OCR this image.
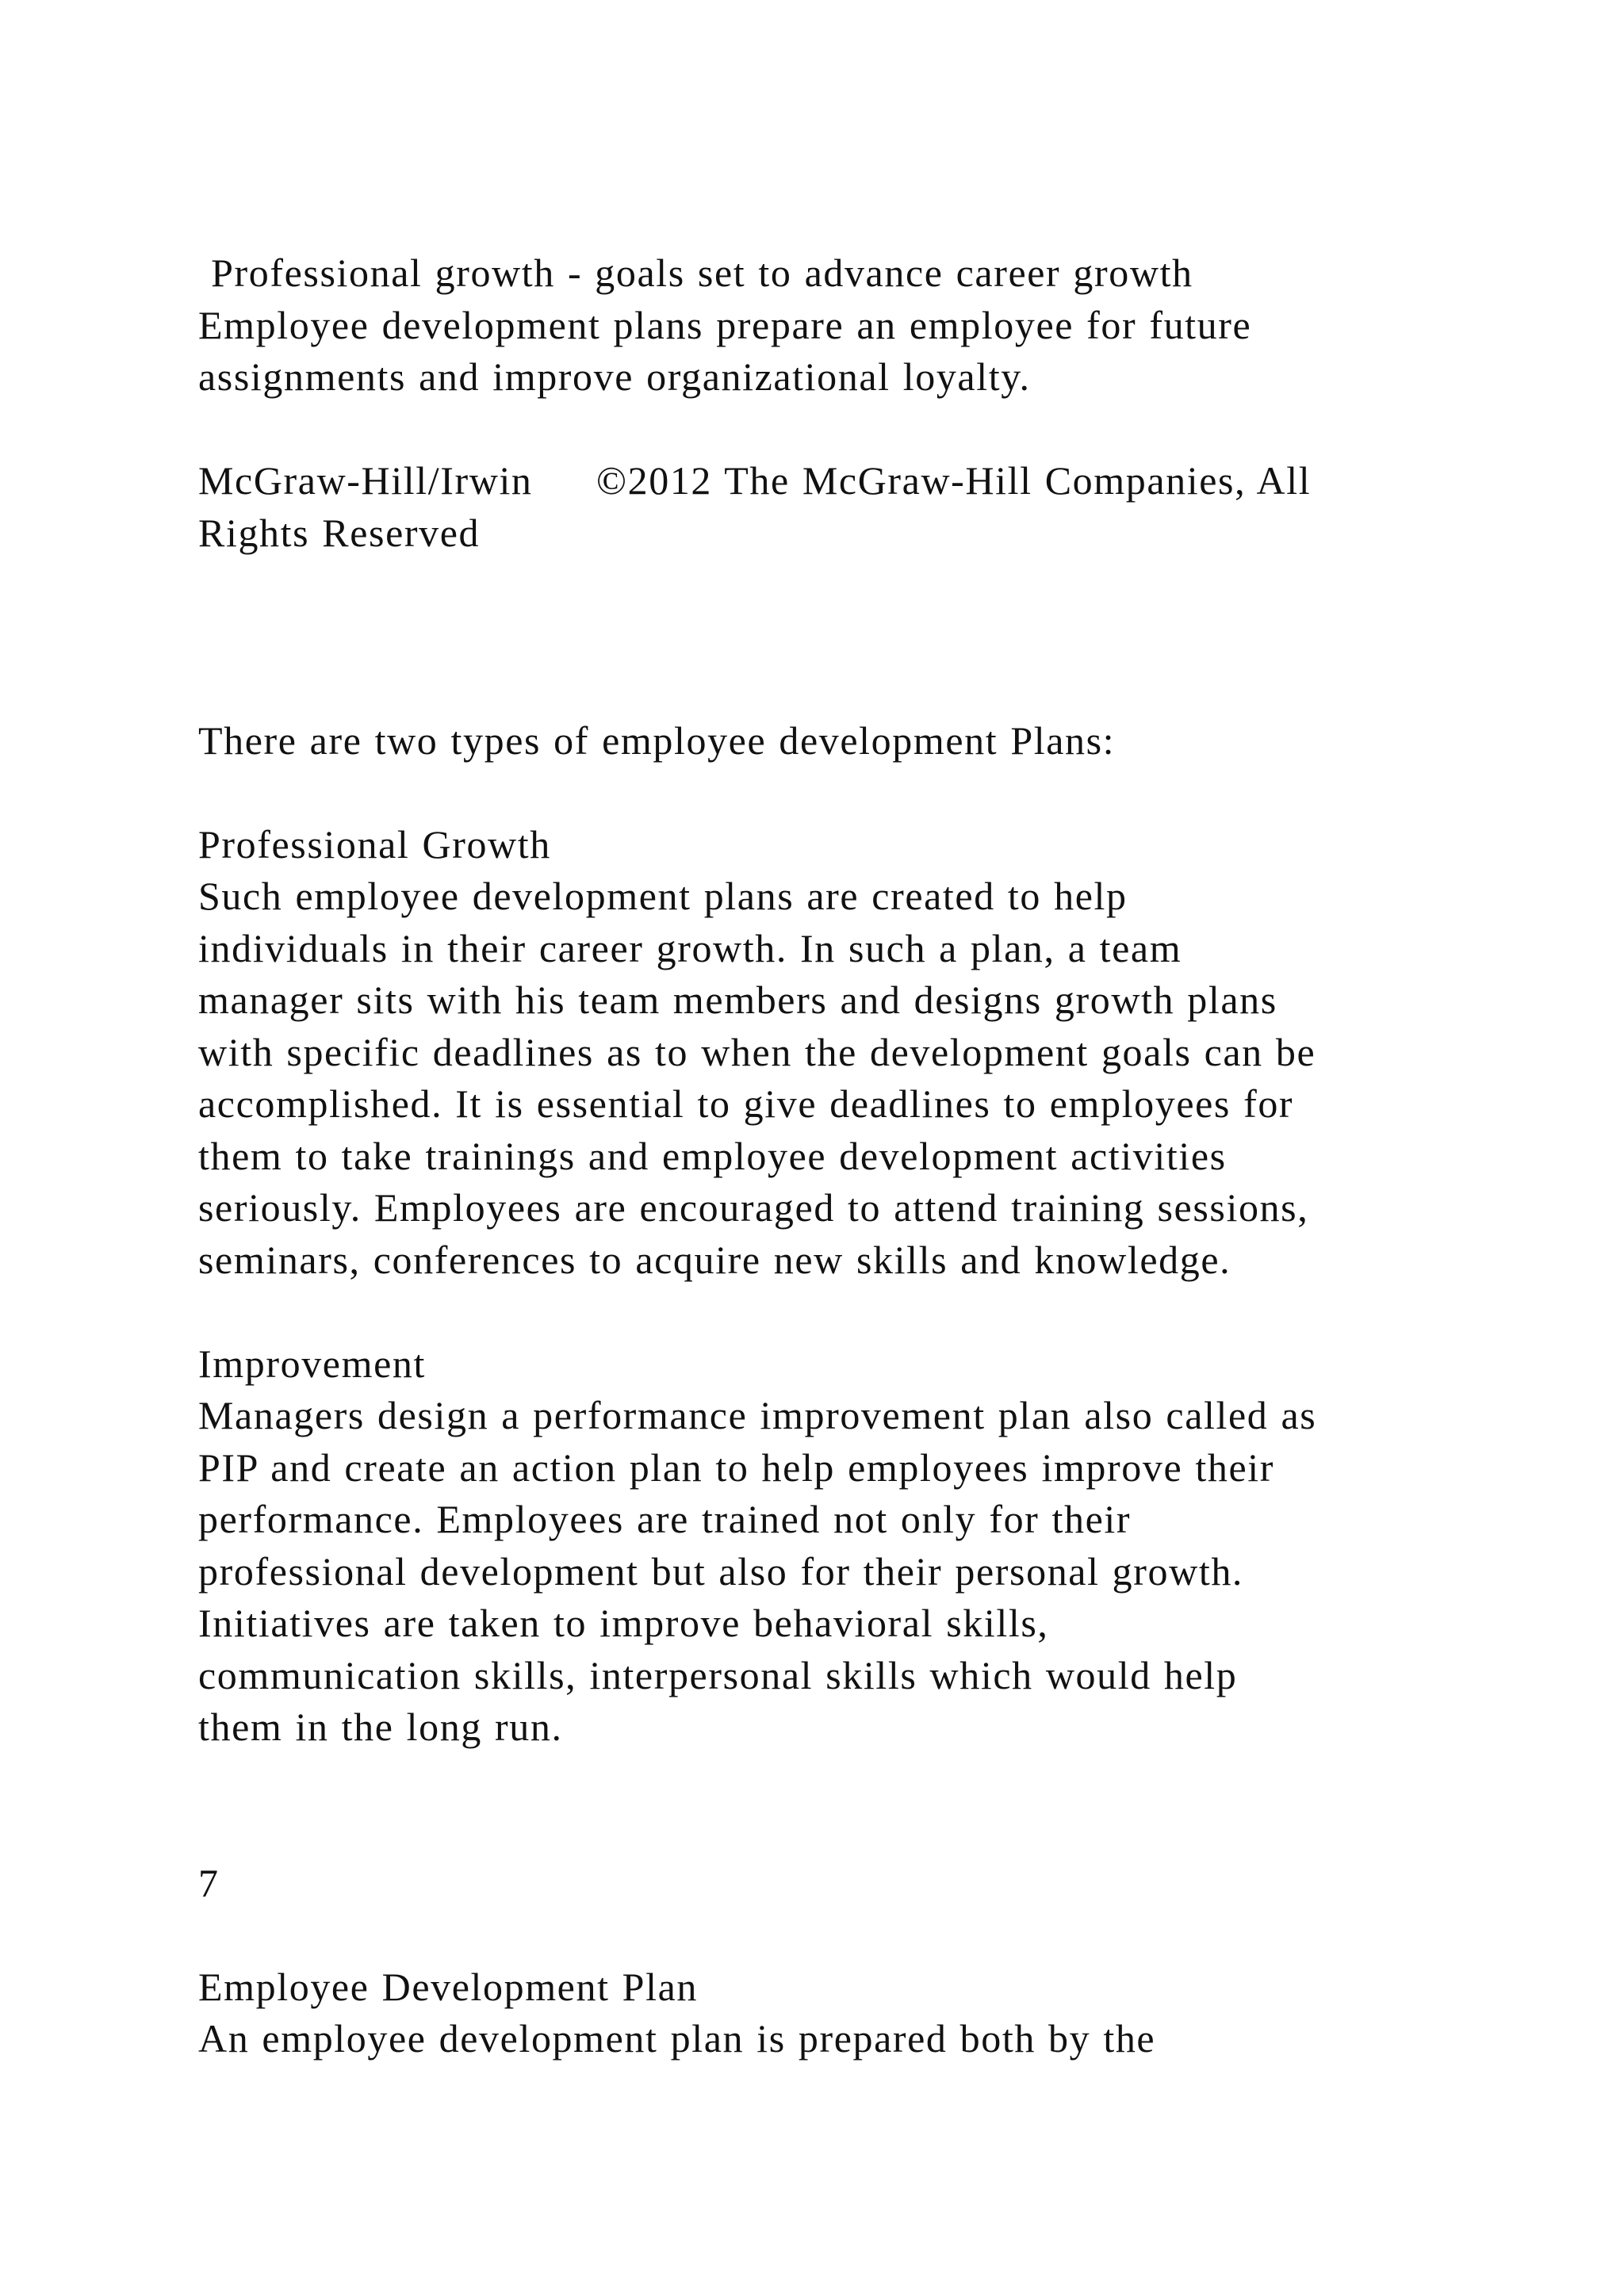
Professional growth - goals set to advance career growth
Employee development plans prepare an employee for future
assignments and improve organizational loyalty.
McGraw-Hill/Irwin     ©2012 The McGraw-Hill Companies, All
Rights Reserved
There are two types of employee development Plans:
Professional Growth
Such employee development plans are created to help
individuals in their career growth. In such a plan, a team
manager sits with his team members and designs growth plans
with specific deadlines as to when the development goals can be
accomplished. It is essential to give deadlines to employees for
them to take trainings and employee development activities
seriously. Employees are encouraged to attend training sessions,
seminars, conferences to acquire new skills and knowledge.
Improvement
Managers design a performance improvement plan also called as
PIP and create an action plan to help employees improve their
performance. Employees are trained not only for their
professional development but also for their personal growth.
Initiatives are taken to improve behavioral skills,
communication skills, interpersonal skills which would help
them in the long run.
7
Employee Development Plan
An employee development plan is prepared both by the
